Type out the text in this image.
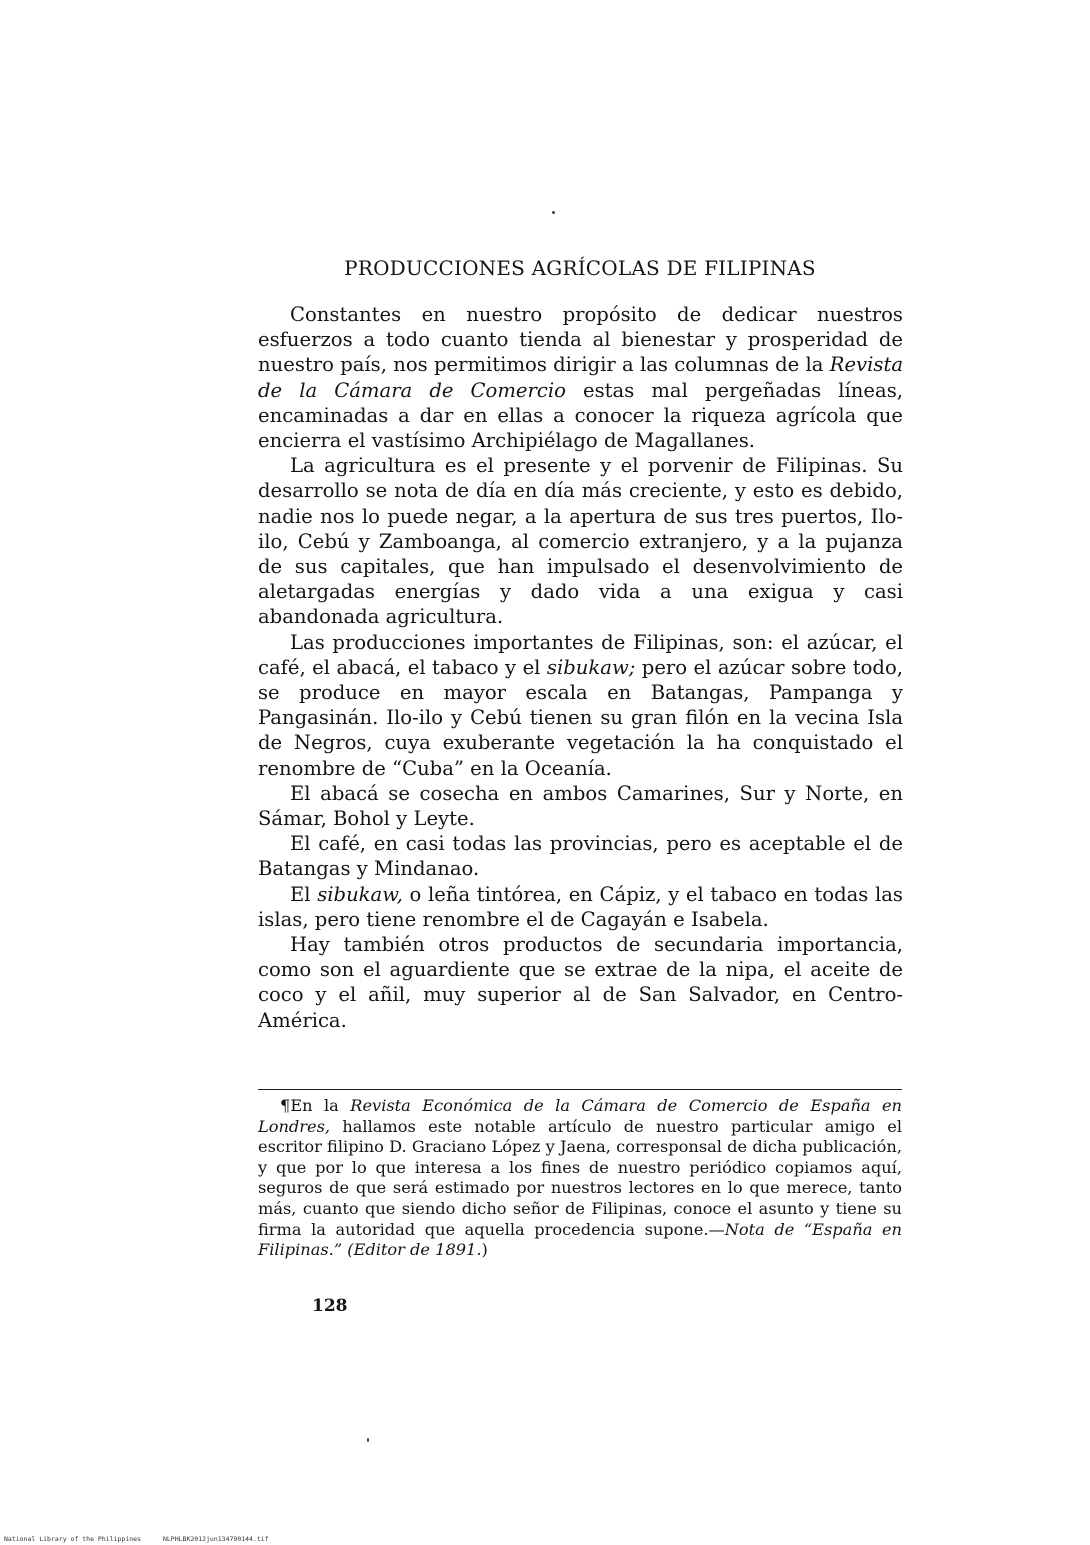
PRODUCCIONES AGRÍCOLAS DE FILIPINAS

Constantes en nuestro propósito de dedicar nuestros esfuerzos a todo cuanto tienda al bienestar y prosperidad de nuestro país, nos permitimos dirigir a las columnas de la Revista de la Cámara de Comercio estas mal pergeñadas líneas, encaminadas a dar en ellas a conocer la riqueza agrícola que encierra el vastísimo Archipiélago de Magallanes.

La agricultura es el presente y el porvenir de Filipinas. Su desarrollo se nota de día en día más creciente, y esto es debido, nadie nos lo puede negar, a la apertura de sus tres puertos, Ilo-ilo, Cebú y Zamboanga, al comercio extranjero, y a la pujanza de sus capitales, que han impulsado el desenvolvimiento de aletargadas energías y dado vida a una exigua y casi abandonada agricultura.

Las producciones importantes de Filipinas, son: el azúcar, el café, el abacá, el tabaco y el sibukaw; pero el azúcar sobre todo, se produce en mayor escala en Batangas, Pampanga y Pangasinán. Ilo-ilo y Cebú tienen su gran filón en la vecina Isla de Negros, cuya exuberante vegetación la ha conquistado el renombre de “Cuba” en la Oceanía.

El abacá se cosecha en ambos Camarines, Sur y Norte, en Sámar, Bohol y Leyte.

El café, en casi todas las provincias, pero es aceptable el de Batangas y Mindanao.

El sibukaw, o leña tintórea, en Cápiz, y el tabaco en todas las islas, pero tiene renombre el de Cagayán e Isabela.

Hay también otros productos de secundaria importancia, como son el aguardiente que se extrae de la nipa, el aceite de coco y el añil, muy superior al de San Salvador, en Centro-América.

¶En la Revista Económica de la Cámara de Comercio de España en Londres, hallamos este notable artículo de nuestro particular amigo el escritor filipino D. Graciano López y Jaena, corresponsal de dicha publicación, y que por lo que interesa a los fines de nuestro periódico copiamos aquí, seguros de que será estimado por nuestros lectores en lo que merece, tanto más, cuanto que siendo dicho señor de Filipinas, conoce el asunto y tiene su firma la autoridad que aquella procedencia supone.—Nota de “España en Filipinas.” (Editor de 1891.)

128
National Library of the Philippines	NLPHLBK2012jun134790144.tif
